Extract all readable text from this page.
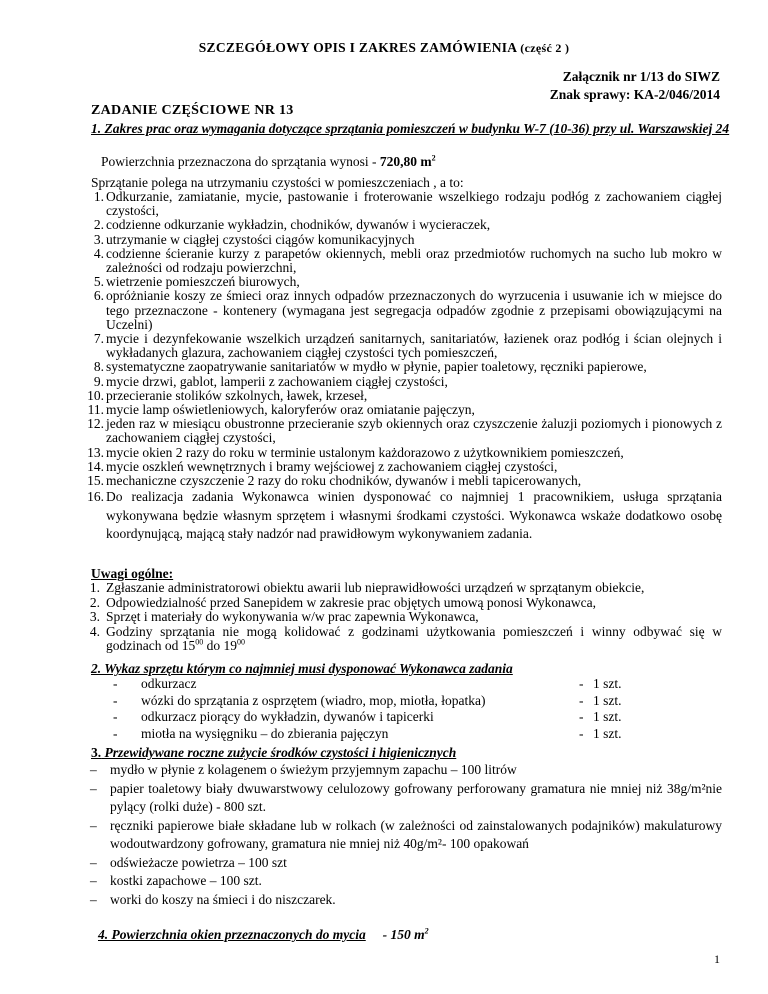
SZCZEGÓŁOWY OPIS I ZAKRES ZAMÓWIENIA (część 2 )
Załącznik nr 1/13 do SIWZ
Znak sprawy: KA-2/046/2014
ZADANIE CZĘŚCIOWE NR 13
1. Zakres prac oraz wymagania dotyczące sprzątania pomieszczeń w budynku W-7 (10-36) przy ul. Warszawskiej 24
Powierzchnia przeznaczona do sprzątania wynosi - 720,80 $m^2$
Sprzątanie polega na utrzymaniu czystości w pomieszczeniach , a to:
1. Odkurzanie, zamiatanie, mycie, pastowanie i froterowanie wszelkiego rodzaju podłóg z zachowaniem ciągłej czystości,
2. codzienne odkurzanie wykładzin, chodników, dywanów i wycieraczek,
3. utrzymanie w ciągłej czystości ciągów komunikacyjnych
4. codzienne ścieranie kurzy z parapetów okiennych, mebli oraz przedmiotów ruchomych na sucho lub mokro w zależności od rodzaju powierzchni,
5. wietrzenie pomieszczeń biurowych,
6. opróżnianie koszy ze śmieci oraz innych odpadów przeznaczonych do wyrzucenia i usuwanie ich w miejsce do tego przeznaczone - kontenery (wymagana jest segregacja odpadów zgodnie z przepisami obowiązującymi na Uczelni)
7. mycie i dezynfekowanie wszelkich urządzeń sanitarnych, sanitariatów, łazienek oraz podłóg i ścian olejnych i wykładanych glazura, zachowaniem ciągłej czystości tych pomieszczeń,
8. systematyczne zaopatrywanie sanitariatów w mydło w płynie, papier toaletowy, ręczniki papierowe,
9. mycie drzwi, gablot, lamperii z zachowaniem ciągłej czystości,
10. przecieranie stolików szkolnych, ławek, krzeseł,
11. mycie lamp oświetleniowych, kaloryferów oraz omiatanie pajęczyn,
12. jeden raz w miesiącu obustronne przecieranie szyb okiennych oraz czyszczenie żaluzji poziomych i pionowych z zachowaniem ciągłej czystości,
13. mycie okien 2 razy do roku w terminie ustalonym każdorazowo z użytkownikiem pomieszczeń,
14. mycie oszkleń wewnętrznych i bramy wejściowej z zachowaniem ciągłej czystości,
15. mechaniczne czyszczenie 2 razy do roku chodników, dywanów i mebli tapicerowanych,
16. Do realizacja zadania Wykonawca winien dysponować co najmniej 1 pracownikiem, usługa sprzątania wykonywana będzie własnym sprzętem i własnymi środkami czystości. Wykonawca wskaże dodatkowo osobę koordynującą, mającą stały nadzór nad prawidłowym wykonywaniem zadania.
Uwagi ogólne:
1. Zgłaszanie administratorowi obiektu awarii lub nieprawidłowości urządzeń w sprzątanym obiekcie,
2. Odpowiedzialność przed Sanepidem w zakresie prac objętych umową ponosi Wykonawca,
3. Sprzęt i materiały do wykonywania w/w prac zapewnia Wykonawca,
4. Godziny sprzątania nie mogą kolidować z godzinami użytkowania pomieszczeń i winny odbywać się w godzinach od $15^{00}$ do $19^{00}$
2. Wykaz sprzętu którym co najmniej musi dysponować Wykonawca zadania
- odkurzacz	- 1 szt.
- wózki do sprzątania z osprzętem (wiadro, mop, miotła, łopatka)	- 1 szt.
- odkurzacz piorący do wykładzin, dywanów i tapicerki	- 1 szt.
- miotła na wysięgniku – do zbierania pajęczyn	- 1 szt.
3. Przewidywane roczne zużycie środków czystości i higienicznych
– mydło w płynie z kolagenem o świeżym przyjemnym zapachu – 100 litrów
– papier toaletowy biały dwuwarstwowy celulozowy gofrowany perforowany gramatura nie mniej niż 38g/m²nie pylący (rolki duże) - 800 szt.
– ręczniki papierowe białe składane lub w rolkach (w zależności od zainstalowanych podajników) makulaturowy wodoutwardzony gofrowany, gramatura nie mniej niż 40g/m²- 100 opakowań
– odświeżacze powietrza – 100 szt
– kostki zapachowe – 100 szt.
– worki do koszy na śmieci i do niszczarek.
4. Powierzchnia okien przeznaczonych do mycia - 150 $m^2$
1
